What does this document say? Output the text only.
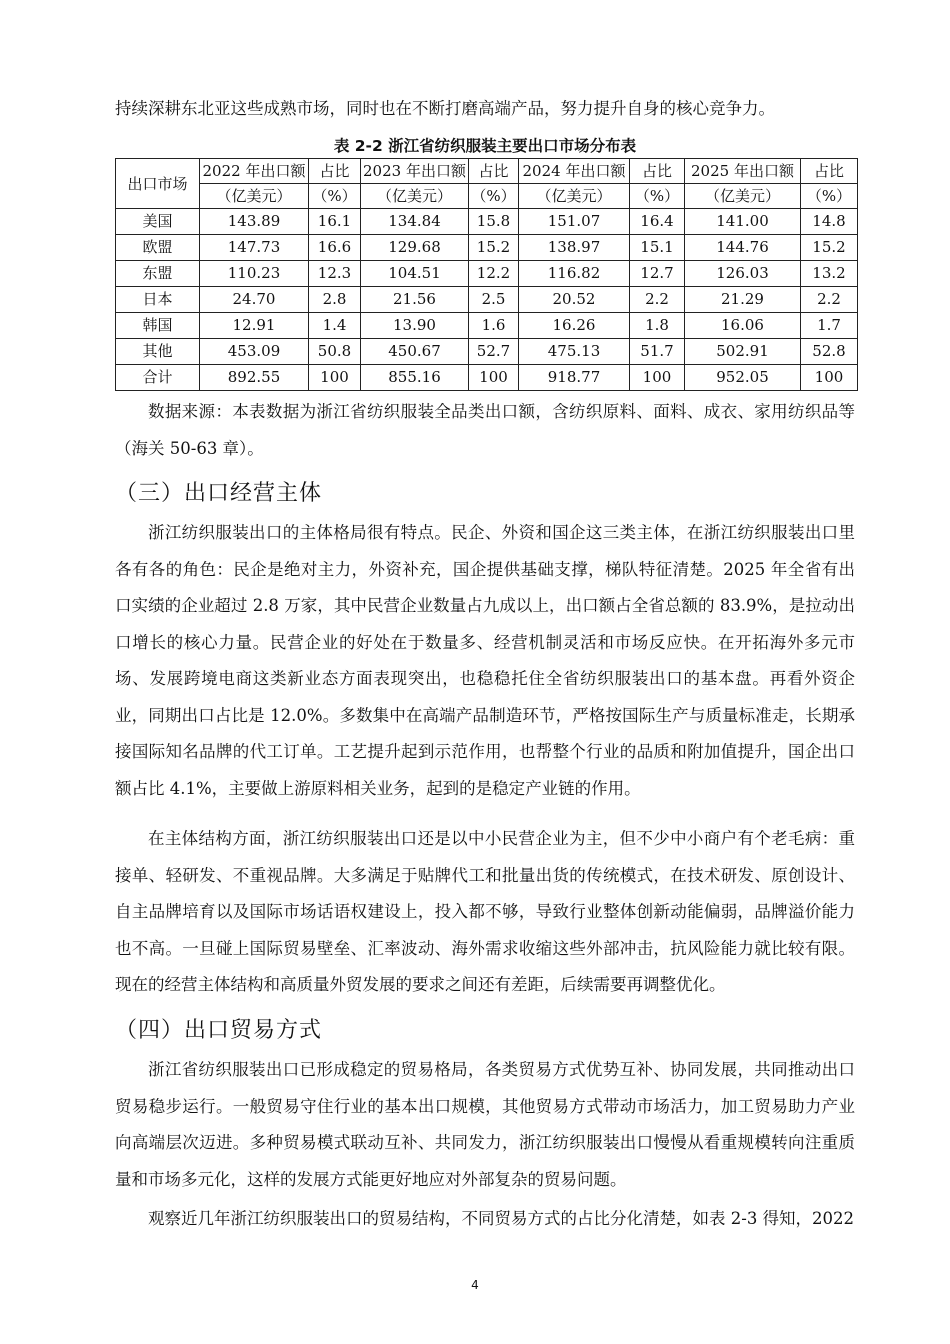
持续深耕东北亚这些成熟市场，同时也在不断打磨高端产品，努力提升自身的核心竞争力。

表 2-2 浙江省纺织服装主要出口市场分布表
出口市场	2022 年出口额	占比	2023 年出口额	占比	2024 年出口额	占比	2025 年出口额	占比
	（亿美元）	（%）	（亿美元）	（%）	（亿美元）	（%）	（亿美元）	（%）
美国	143.89	16.1	134.84	15.8	151.07	16.4	141.00	14.8
欧盟	147.73	16.6	129.68	15.2	138.97	15.1	144.76	15.2
东盟	110.23	12.3	104.51	12.2	116.82	12.7	126.03	13.2
日本	24.70	2.8	21.56	2.5	20.52	2.2	21.29	2.2
韩国	12.91	1.4	13.90	1.6	16.26	1.8	16.06	1.7
其他	453.09	50.8	450.67	52.7	475.13	51.7	502.91	52.8
合计	892.55	100	855.16	100	918.77	100	952.05	100

数据来源：本表数据为浙江省纺织服装全品类出口额，含纺织原料、面料、成衣、家用纺织品等（海关 50-63 章）。

（三）出口经营主体

浙江纺织服装出口的主体格局很有特点。民企、外资和国企这三类主体，在浙江纺织服装出口里各有各的角色：民企是绝对主力，外资补充，国企提供基础支撑，梯队特征清楚。2025 年全省有出口实绩的企业超过 2.8 万家，其中民营企业数量占九成以上，出口额占全省总额的 83.9%，是拉动出口增长的核心力量。民营企业的好处在于数量多、经营机制灵活和市场反应快。在开拓海外多元市场、发展跨境电商这类新业态方面表现突出，也稳稳托住全省纺织服装出口的基本盘。再看外资企业，同期出口占比是 12.0%。多数集中在高端产品制造环节，严格按国际生产与质量标准走，长期承接国际知名品牌的代工订单。工艺提升起到示范作用，也帮整个行业的品质和附加值提升，国企出口额占比 4.1%，主要做上游原料相关业务，起到的是稳定产业链的作用。

在主体结构方面，浙江纺织服装出口还是以中小民营企业为主，但不少中小商户有个老毛病：重接单、轻研发、不重视品牌。大多满足于贴牌代工和批量出货的传统模式，在技术研发、原创设计、自主品牌培育以及国际市场话语权建设上，投入都不够，导致行业整体创新动能偏弱，品牌溢价能力也不高。一旦碰上国际贸易壁垒、汇率波动、海外需求收缩这些外部冲击，抗风险能力就比较有限。现在的经营主体结构和高质量外贸发展的要求之间还有差距，后续需要再调整优化。

（四）出口贸易方式

浙江省纺织服装出口已形成稳定的贸易格局，各类贸易方式优势互补、协同发展，共同推动出口贸易稳步运行。一般贸易守住行业的基本出口规模，其他贸易方式带动市场活力，加工贸易助力产业向高端层次迈进。多种贸易模式联动互补、共同发力，浙江纺织服装出口慢慢从看重规模转向注重质量和市场多元化，这样的发展方式能更好地应对外部复杂的贸易问题。

观察近几年浙江纺织服装出口的贸易结构，不同贸易方式的占比分化清楚，如表 2-3 得知，2022

4
